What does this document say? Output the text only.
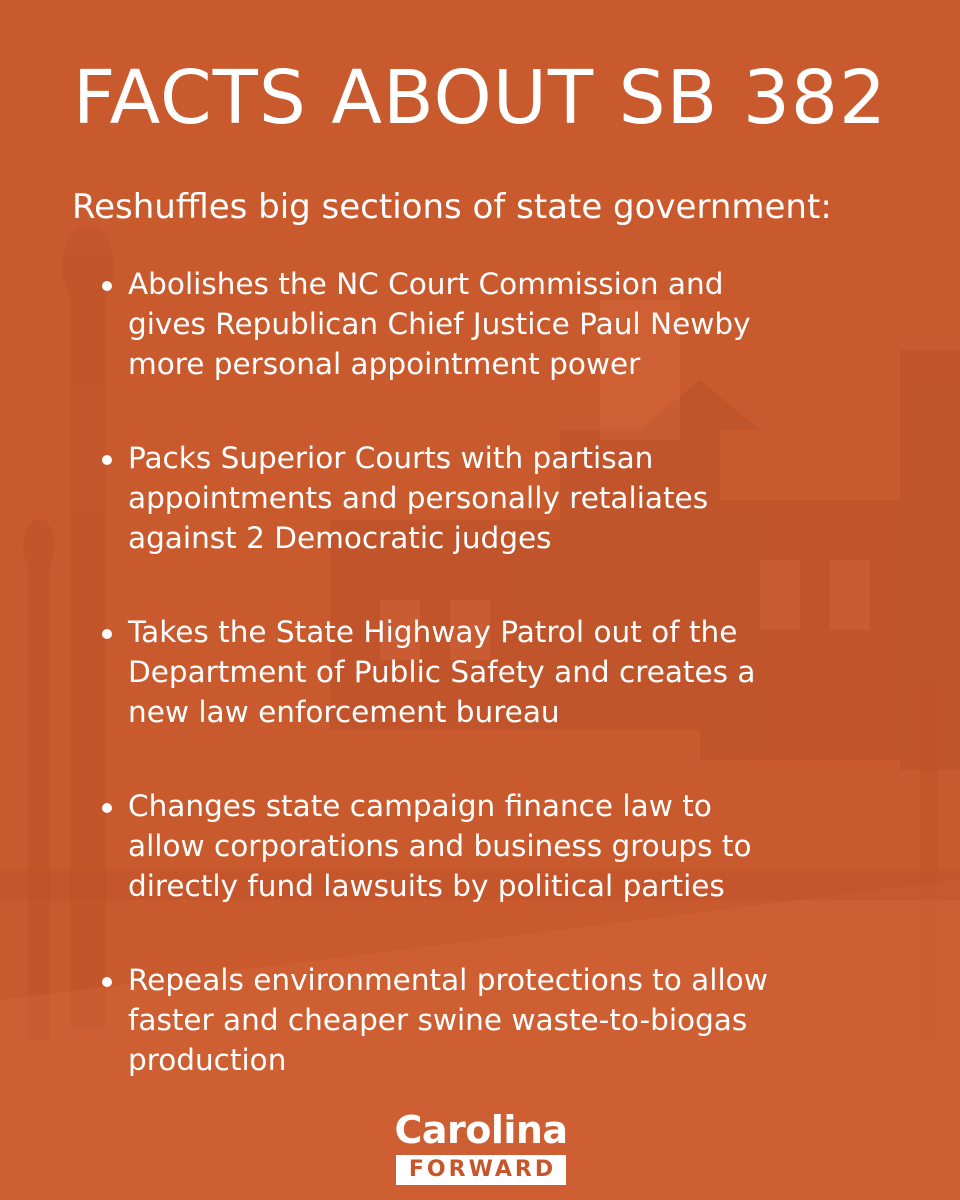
FACTS ABOUT SB 382

Reshuffles big sections of state government:

Abolishes the NC Court Commission and
gives Republican Chief Justice Paul Newby
more personal appointment power
Packs Superior Courts with partisan
appointments and personally retaliates
against 2 Democratic judges
Takes the State Highway Patrol out of the
Department of Public Safety and creates a
new law enforcement bureau
Changes state campaign finance law to
allow corporations and business groups to
directly fund lawsuits by political parties
Repeals environmental protections to allow
faster and cheaper swine waste-to-biogas
production
Carolina
FORWARD
